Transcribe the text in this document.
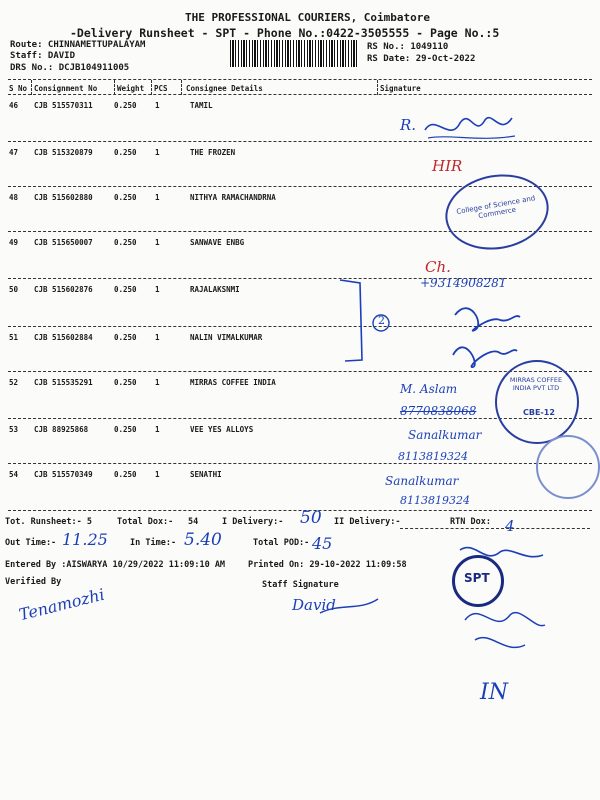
THE PROFESSIONAL COURIERS, Coimbatore
-Delivery Runsheet - SPT - Phone No.:0422-3505555 - Page No.:5
Route: CHINNAMETTUPALAYAM
Staff: DAVID
DRS No.: DCJB104911005
RS No.: 1049110
RS Date: 29-Oct-2022
S No Consignment No	Weight PCS Consignee Details	Signature
46 CJB 515570311	0.250 1	TAMIL
47 CJB 515320879	0.250 1	THE FROZEN
48 CJB 515602880	0.250 1	NITHYA RAMACHANDRNA
49 CJB 515650007	0.250 1	SANWAVE ENBG
50 CJB 515602876	0.250 1	RAJALAKSNMI
51 CJB 515602884	0.250 1	NALIN VIMALKUMAR
52 CJB 515535291	0.250 1	MIRRAS COFFEE INDIA
53 CJB 88925868	0.250 1	VEE YES ALLOYS
54 CJB 515570349	0.250 1	SENATHI
Tot. Runsheet:- 5	Total Dox:- 54	I Delivery:-	II Delivery:-	RTN Dox:
Out Time:-	In Time:-	Total POD:-
Entered By :AISWARYA 10/29/2022 11:09:10 AM	Printed On: 29-10-2022 11:09:58
Verified By	Staff Signature
50
11.25	5.40	45
4
R.
HIR
College of Science and Commerce
Ch.
+9314908281
2
MIRRAS COFFEE INDIA PVT LTD
CBE-12
M. Aslam
8770838068
Sanalkumar
8113819324
Sanalkumar
8113819324
SPT
Tenamozhi	David
IN
